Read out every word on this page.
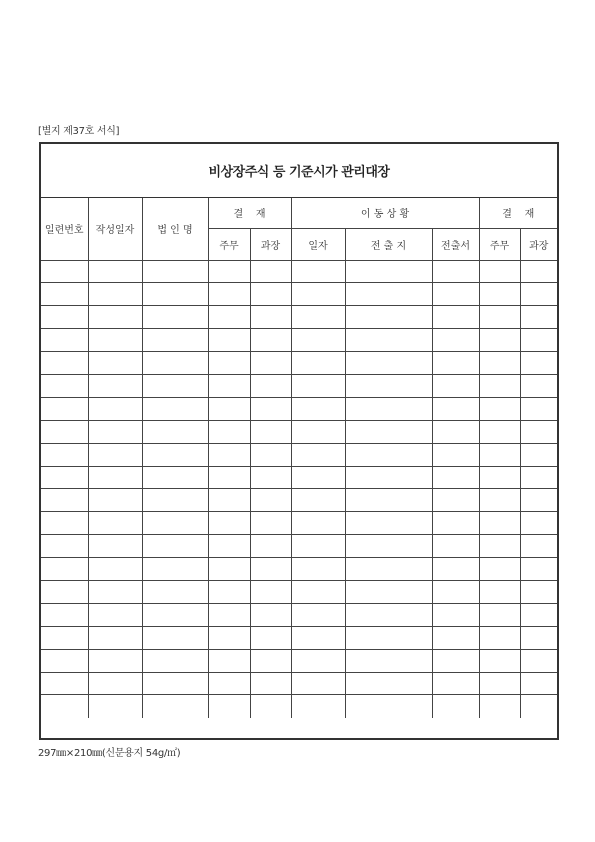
[별지 제37호 서식]
비상장주식 등 기준시가 관리대장
일련번호	작성일자	법 인 명	결    재		이 동 상 황			결    재	
			주무	과장	일자	전 출 지	전출서	주무	과장

297㎜×210㎜(신문용지 54g/㎡)
